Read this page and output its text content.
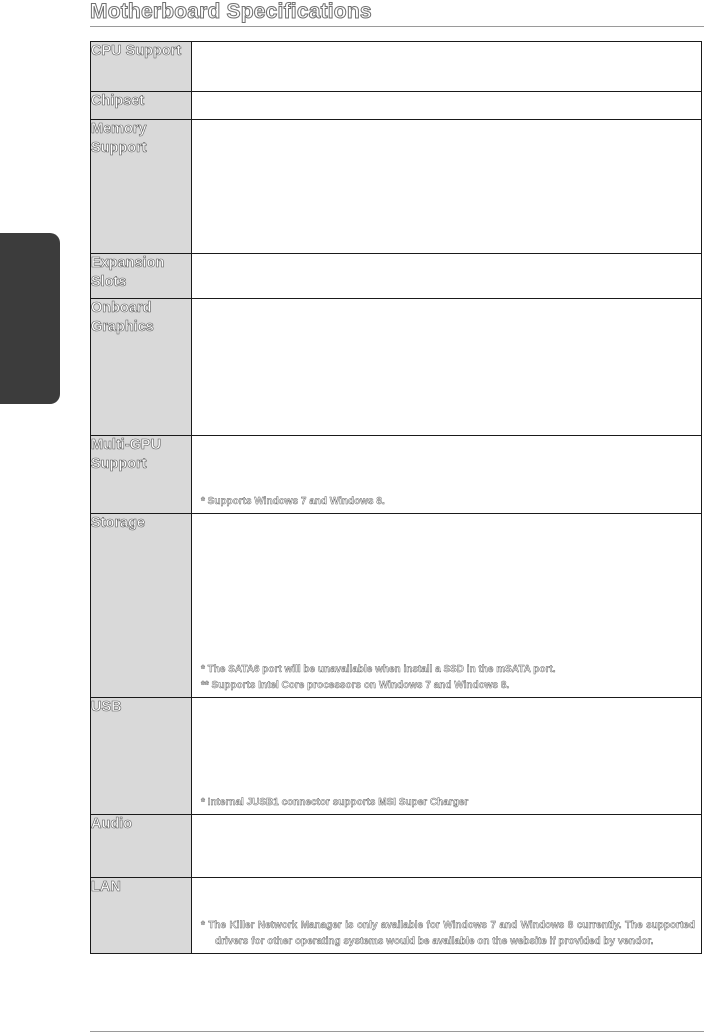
Motherboard Specifications
CPU Support	
Chipset	
Memory Support	
Expansion Slots	
Onboard Graphics	
Multi-GPU Support	* Supports Windows 7 and Windows 8.

Storage	* The SATA6 port will be unavailable when install a SSD in the mSATA port.

** Supports Intel Core processors on Windows 7 and Windows 8.

USB	* Internal JUSB1 connector supports MSI Super Charger

Audio	
LAN	* The Killer Network Manager is only available for Windows 7 and Windows 8 currently. The supported drivers for other operating systems would be available on the website if provided by vendor.
